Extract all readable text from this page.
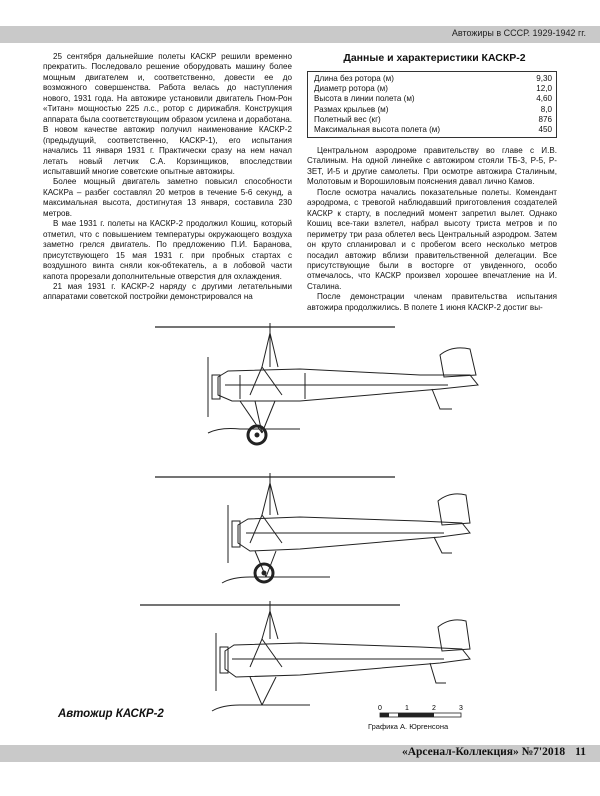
Автожиры в СССР. 1929-1942 гг.

25 сентября дальнейшие полеты КАСКР решили временно прекратить. Последовало решение оборудовать машину более мощным двигателем и, соответственно, довести ее до возможного совершенства. Работа велась до наступления нового, 1931 года. На автожире установили двигатель Гном-Рон «Титан» мощностью 225 л.с., ротор с дирижабля. Конструкция аппарата была соответствующим образом усилена и доработана. В новом качестве автожир получил наименование КАСКР-2 (предыдущий, соответственно, КАСКР-1), его испытания начались 11 января 1931 г. Практически сразу на нем начал летать новый летчик С.А. Корзинщиков, впоследствии испытавший многие советские опытные автожиры.

Более мощный двигатель заметно повысил способности КАСКРа – разбег составлял 20 метров в течение 5-6 секунд, а максимальная высота, достигнутая 13 января, составила 230 метров.

В мае 1931 г. полеты на КАСКР-2 продолжил Кошиц, который отметил, что с повышением температуры окружающего воздуха заметно грелся двигатель. По предложению П.И. Баранова, присутствующего 15 мая 1931 г. при пробных стартах с воздушного винта сняли кок-обтекатель, а в лобовой части капота прорезали дополнительные отверстия для охлаждения.

21 мая 1931 г. КАСКР-2 наряду с другими летательными аппаратами советской постройки демонстрировался на

Данные и характеристики КАСКР-2
Длина без ротора (м)	9,30
Диаметр ротора (м)	12,0
Высота в линии полета (м)	4,60
Размах крыльев (м)	8,0
Полетный вес (кг)	876
Максимальная высота полета (м)	450

Центральном аэродроме правительству во главе с И.В. Сталиным. На одной линейке с автожиром стояли ТБ-3, Р-5, Р-ЗЕТ, И-5 и другие самолеты. При осмотре автожира Сталиным, Молотовым и Ворошиловым пояснения давал лично Камов.

После осмотра начались показательные полеты. Комендант аэродрома, с тревогой наблюдавший приготовления создателей КАСКР к старту, в последний момент запретил вылет. Однако Кошиц все-таки взлетел, набрал высоту триста метров и по периметру три раза облетел весь Центральный аэродром. Затем он круто спланировал и с пробегом всего несколько метров посадил автожир вблизи правительственной делегации. Все присутствующие были в восторге от увиденного, особо отмечалось, что КАСКР произвел хорошее впечатление на И. Сталина.

После демонстрации членам правительства испытания автожира продолжились. В полете 1 июня КАСКР-2 достиг вы-

Автожир КАСКР-2	0	1	2	3
Графика А. Юргенсона
«Арсенал-Коллекция» №7'2018 11
